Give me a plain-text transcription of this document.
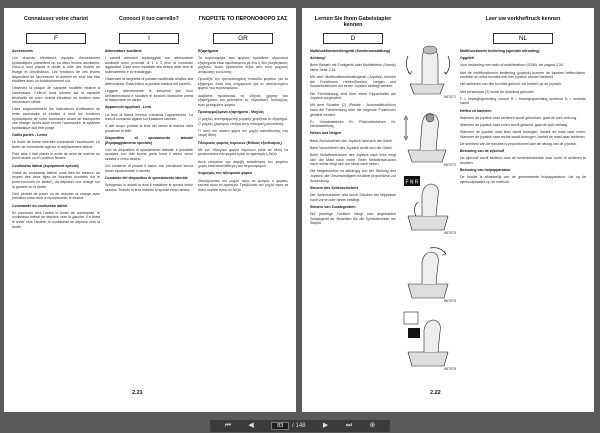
Connaissez votre chariot
F

Accessoires

Les chariots élévateurs équipés d'accessoires hydrauliques possèdent un ou deux leviers auxiliaires. Ceux-ci sont placés à droite à côté des leviers de levage et d'inclinaison. Les fonctions de ces leviers dépendent de l'accessoire et doivent en tous cas être étudiées avec un fonctionnement sûr.

Observez la plaque de capacité modifiée relative à l'accessoire. Celle-ci vous informe sur la capacité résiduelle de votre chariot élévateur en relation avec l'accessoire utilisé.

Lisez soigneusement les instructions d'utilisation de cette accessoire et étudiez à fond les fonctions hydrauliques de votre accessoire avant de transporter une charge. Après avoir monté l'accessoire, le système hydraulique doit être purgé.

Outils portés - Levier

Le levier de forme inversée commande l'accessoire. Le levier de commande agit sur le déplacement latéral.

Pour cela, il faut placer le levier de sens de marche au point neutre ou en position Neutre.

Coulisseau latéral (équipement spécial)

Grâce au coulisseau latéral, vous êtes en mesure, au moyen des deux tiges de fourches montées sur le porte-fourches (le tablier), de déplacer une charge sur la gauche ou la droite.

Ceci permet de poser ou de déposer la charge avec précision sans avoir à repositionner le chariot.

Commande du coulisseau latéral

En poussant vers l'avant le levier de commande, le coulisseau latéral se déplace vers la gauche. En tirant le levier vers l'arrière, le coulisseau se déplace vers la droite.

Conosci il tuo carrello?
I

Attrezzature ausiliarie

I carrelli elevatori equipaggiati con attrezzature ausiliarie sono provvisti di 1 o 2 leve di comando aggiuntive. Esse sono installate alla destra delle leve di sollevamento e di brandeggio.

Osservare la targhetta di portata modificata relativa alla attrezzatura. Essa indica la portata residua del carrello.

Leggere attentamente le istruzioni per l'uso dell'attrezzatura e studiare le funzioni idrauliche prima di trasportare un carico.

Apparecchi applicati - Leva

La leva di forma inversa comanda l'apparecchio. La leva di comando agisce sul traslatore laterale.

A tale scopo portare la leva del senso di marcia nella posizione di folle.

Dispositivo di spostamento laterale (Equipaggiamento speciale)

Con un dispositivo di spostamento laterale, è possibile spostare con due forche porta forca il carico verso sinistra o verso destra.

Ciò consente di posare il carico con precisione senza dover riposizionare il carrello.

Comando del dispositivo di spostamento laterale

Spingendo in avanti la leva il traslatore si sposta verso sinistra. Tirando la leva indietro si sposta verso destra.

ΓΝΩΡΙΣΤΕ ΤΟ ΠΕΡΟΝΟΦΟΡΟ ΣΑΣ
GR

Εξαρτήματα

Τα περονοφόρα που φέρουν πρόσθετα υδραυλικά εξαρτήματα είναι εφοδιασμένα με ένα ή δύο βοηθητικούς μοχλούς. Αυτοί βρίσκονται δεξιά από τους μοχλούς ανύψωσης και κλίσης.

Προσέξτε την τροποποιημένη πινακίδα φορτίου για το εξάρτημα. Αυτή σας ενημερώνει για το υπολειπόμενο φορτίο του περονοφόρου.

Διαβάστε προσεκτικά τις οδηγίες χρήσης του εξαρτήματος και μελετήστε τις υδραυλικές λειτουργίες πριν μεταφέρετε φορτίο.

Προσαρμοζόμενα εξαρτήματα - Μοχλός

Ο μοχλός ανεστραμμένης μορφής χειρίζεται το εξάρτημα. Ο μοχλός χειρισμού επιδρά στην πλευρική μετατόπιση.

Γι' αυτό τον σκοπό φέρτε τον μοχλό κατεύθυνσης στη νεκρή θέση.

Πλευρικός φορέας περονών (Ειδικός εξοπλισμός)

Με τον πλευρικό φορέα περονών είστε σε θέση να μετατοπίσετε ένα φορτίο προς τα αριστερά ή δεξιά.

Αυτό επιτρέπει την ακριβή τοποθέτηση του φορτίου χωρίς επανατοποθέτηση του περονοφόρου.

Χειρισμός του πλευρικού φορέα

Σπρώχνοντας τον μοχλό προς τα εμπρός ο φορέας κινείται προς τα αριστερά. Τραβώντας τον μοχλό προς τα πίσω κινείται προς τα δεξιά.

2.21
Lernen Sie Ihren Gabelstapler kennen
D

Multifunktionsbediengerät (Sonderausstattung)

Achtung!

Beim Betrieb mit Funkgerät oder Mobiltelefon (Handy) siehe Seite 2.34.

Mit dem Multifunktionsbediengerät (Joystick) können die Funktionen Heben/Senken, Neigen und Zusatzfunktionen mit einem Joystick betätigt werden.

Die Fahrtrichtung wird über einen Kippschalter am Joystick vorgewählt.

Mit dem Schalter (2) (Pedale - Automatikfunktion) kann die Fahrtrichtung über die folgende Funktionen gewählt werden:

F= Vorwärtsfahren R= Rückwärtsfahren N= Neutralstellung

Heben und Neigen

Beim Zurückziehen des Joystick hebt sich die Gabel.

Beim Vorschieben des Joystick senkt sich die Gabel.

Beim Seitwärtsdrücken des Joystick nach links neigt sich der Mast nach vorne. Beim Seitwärtsdrücken nach rechts neigt sich der Mast nach hinten.

Die Neigefunktion ist abhängig von der Stellung des Joystick; die Geschwindigkeit ist dabei proportional zur Auslenkung.

Steuern des Seitenschiebers

Der Seitenschieber wird durch Drücken der Wipptaste nach vorne oder hinten betätigt.

Steuern von Zusatzgeräten

Die jeweilige Funktion hängt vom angebauten Zusatzgerät ab. Beachten Sie die Symbolschilder am Stapler.

967071
967072
F N R
967073
967074
967075
Leer uw vorkheftruck kennen
NL

Multifunctionele bediening (speciale uitrusting)

Opgelet!

Voor bediening met radio of mobiltelefoon (GSM), zie pagina 2.34.

Met de multifunctionele bediening (joystick) kunnen de functies heffen/dalen, kantelen en extra functies met één joystick worden bediend.

Het activeren van alle functies gebeurt via toetsen op de joystick.

Met schakelaar (2) wordt de rijrichting gekozen:

F = bewegingsrichting vooruit R = bewegingsrichting achteruit N = neutrale stand

Heffen en kantelen

Wanneer de joystick naar achteren wordt getrokken, gaat de vork omhoog.

Wanneer de joystick naar voren wordt geduwd, gaat de vork omlaag.

Wanneer de joystick naar links wordt bewogen, kantelt de mast naar voren. Wanneer de joystick naar rechts wordt bewogen, kantelt de mast naar achteren.

De snelheid van de functies is proportioneel aan de uitslag van de joystick.

Besturing van de zijschuif

De zijschuif wordt bediend door de tuimelschakelaar naar voren of achteren te drukken.

Besturing van hulpapparatuur

De functie is afhankelijk van de gemonteerde hulpapparatuur. Let op de symboolplaatjes op de heftruck.

2.22
⏮ ◀	83	/ 148 ▶ ⏭ ⊕
